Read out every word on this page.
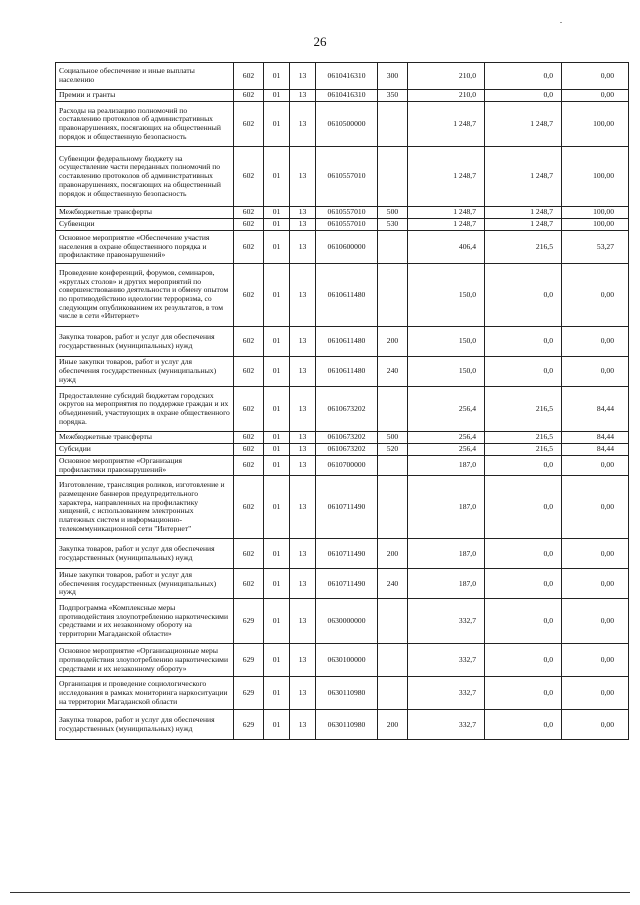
26
Социальное обеспечение и иные выплаты населению	602	01	13	0610416310	300	210,0	0,0	0,00
Премии и гранты	602	01	13	0610416310	350	210,0	0,0	0,00
Расходы на реализацию полномочий по составлению протоколов об административных правонарушениях, посягающих на общественный порядок и общественную безопасность	602	01	13	0610500000		1 248,7	1 248,7	100,00
Субвенции федеральному бюджету на осуществление части переданных полномочий по составлению протоколов об административных правонарушениях, посягающих на общественный порядок и общественную безопасность	602	01	13	0610557010		1 248,7	1 248,7	100,00
Межбюджетные трансферты	602	01	13	0610557010	500	1 248,7	1 248,7	100,00
Субвенции	602	01	13	0610557010	530	1 248,7	1 248,7	100,00
Основное мероприятие «Обеспечение участия населения в охране общественного порядка и профилактике правонарушений»	602	01	13	0610600000		406,4	216,5	53,27
Проведение конференций, форумов, семинаров, «круглых столов» и других мероприятий по совершенствованию деятельности и обмену опытом по противодействию идеологии терроризма, со следующим опубликованием их результатов, в том числе в сети «Интернет»	602	01	13	0610611480		150,0	0,0	0,00
Закупка товаров, работ и услуг для обеспечения государственных (муниципальных) нужд	602	01	13	0610611480	200	150,0	0,0	0,00
Иные закупки товаров, работ и услуг для обеспечения государственных (муниципальных) нужд	602	01	13	0610611480	240	150,0	0,0	0,00
Предоставление субсидий бюджетам городских округов на мероприятия по поддержке граждан и их объединений, участвующих в охране общественного порядка.	602	01	13	0610673202		256,4	216,5	84,44
Межбюджетные трансферты	602	01	13	0610673202	500	256,4	216,5	84,44
Субсидии	602	01	13	0610673202	520	256,4	216,5	84,44
Основное мероприятие «Организация профилактики правонарушений»	602	01	13	0610700000		187,0	0,0	0,00
Изготовление, трансляция роликов, изготовление и размещение баннеров предупредительного характера, направленных на профилактику хищений, с использованием электронных платежных систем и информационно-телекоммуникационной сети "Интернет"	602	01	13	0610711490		187,0	0,0	0,00
Закупка товаров, работ и услуг для обеспечения государственных (муниципальных) нужд	602	01	13	0610711490	200	187,0	0,0	0,00
Иные закупки товаров, работ и услуг для обеспечения государственных (муниципальных) нужд	602	01	13	0610711490	240	187,0	0,0	0,00
Подпрограмма «Комплексные меры противодействия злоупотреблению наркотическими средствами и их незаконному обороту на территории Магаданской области»	629	01	13	0630000000		332,7	0,0	0,00
Основное мероприятие «Организационные меры противодействия злоупотреблению наркотическими средствами и их незаконному обороту»	629	01	13	0630100000		332,7	0,0	0,00
Организация и проведение социологического исследования в рамках мониторинга наркоситуации на территории Магаданской области	629	01	13	0630110980		332,7	0,0	0,00
Закупка товаров, работ и услуг для обеспечения государственных (муниципальных) нужд	629	01	13	0630110980	200	332,7	0,0	0,00
